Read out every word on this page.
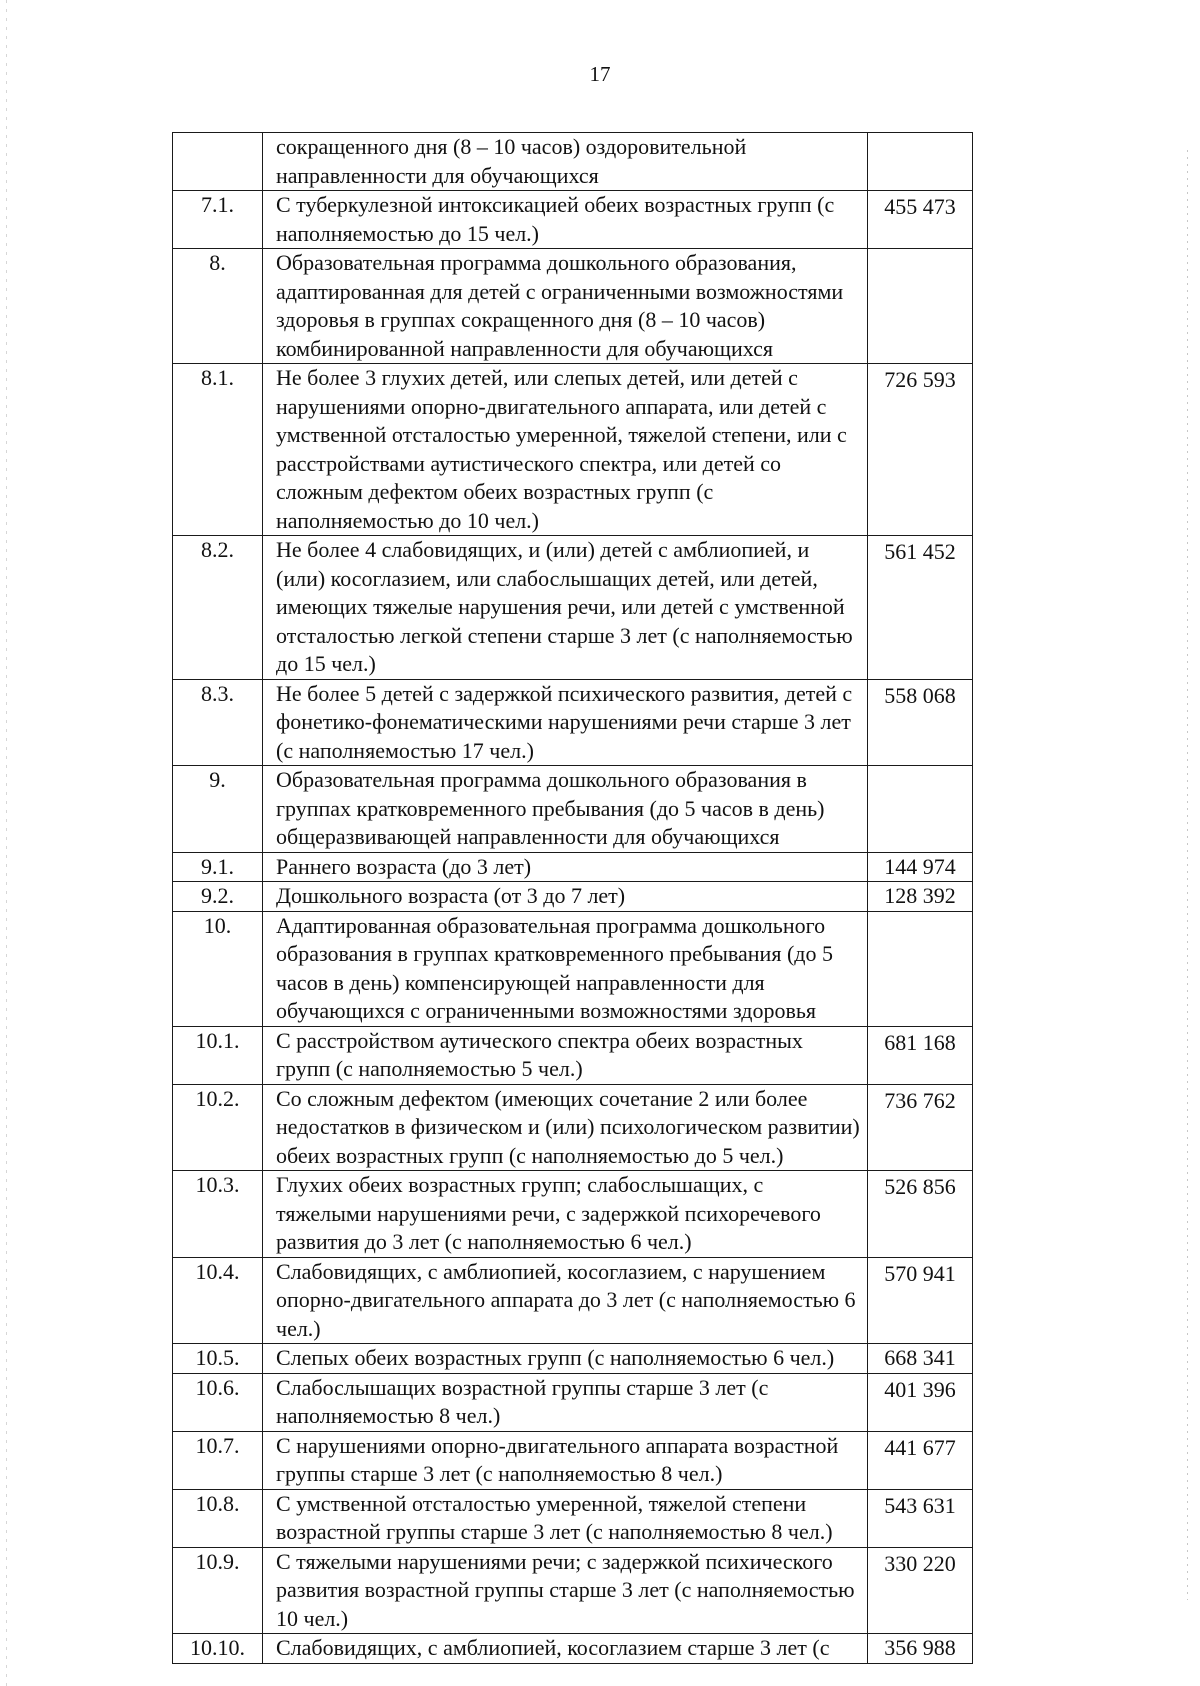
17
	сокращенного дня (8 – 10 часов) оздоровительной направленности для обучающихся	
7.1.	С туберкулезной интоксикацией обеих возрастных групп (с наполняемостью до 15 чел.)	455 473
8.	Образовательная программа дошкольного образования, адаптированная для детей с ограниченными возможностями здоровья в группах сокращенного дня (8 – 10 часов) комбинированной направленности для обучающихся	
8.1.	Не более 3 глухих детей, или слепых детей, или детей с нарушениями опорно-двигательного аппарата, или детей с умственной отсталостью умеренной, тяжелой степени, или с расстройствами аутистического спектра, или детей со сложным дефектом обеих возрастных групп (с наполняемостью до 10 чел.)	726 593
8.2.	Не более 4 слабовидящих, и (или) детей с амблиопией, и (или) косоглазием, или слабослышащих детей, или детей, имеющих тяжелые нарушения речи, или детей с умственной отсталостью легкой степени старше 3 лет (с наполняемостью до 15 чел.)	561 452
8.3.	Не более 5 детей с задержкой психического развития, детей с фонетико-фонематическими нарушениями речи старше 3 лет (с наполняемостью 17 чел.)	558 068
9.	Образовательная программа дошкольного образования в группах кратковременного пребывания (до 5 часов в день) общеразвивающей направленности для обучающихся	
9.1.	Раннего возраста (до 3 лет)	144 974
9.2.	Дошкольного возраста (от 3 до 7 лет)	128 392
10.	Адаптированная образовательная программа дошкольного образования в группах кратковременного пребывания (до 5 часов в день) компенсирующей направленности для обучающихся с ограниченными возможностями здоровья	
10.1.	С расстройством аутического спектра обеих возрастных групп (с наполняемостью 5 чел.)	681 168
10.2.	Со сложным дефектом (имеющих сочетание 2 или более недостатков в физическом и (или) психологическом развитии) обеих возрастных групп (с наполняемостью до 5 чел.)	736 762
10.3.	Глухих обеих возрастных групп; слабослышащих, с тяжелыми нарушениями речи, с задержкой психоречевого развития до 3 лет (с наполняемостью 6 чел.)	526 856
10.4.	Слабовидящих, с амблиопией, косоглазием, с нарушением опорно-двигательного аппарата до 3 лет (с наполняемостью 6 чел.)	570 941
10.5.	Слепых обеих возрастных групп (с наполняемостью 6 чел.)	668 341
10.6.	Слабослышащих возрастной группы старше 3 лет (с наполняемостью 8 чел.)	401 396
10.7.	С нарушениями опорно-двигательного аппарата возрастной группы старше 3 лет (с наполняемостью 8 чел.)	441 677
10.8.	С умственной отсталостью умеренной, тяжелой степени возрастной группы старше 3 лет (с наполняемостью 8 чел.)	543 631
10.9.	С тяжелыми нарушениями речи; с задержкой психического развития возрастной группы старше 3 лет (с наполняемостью 10 чел.)	330 220
10.10.	Слабовидящих, с амблиопией, косоглазием старше 3 лет (с	356 988
